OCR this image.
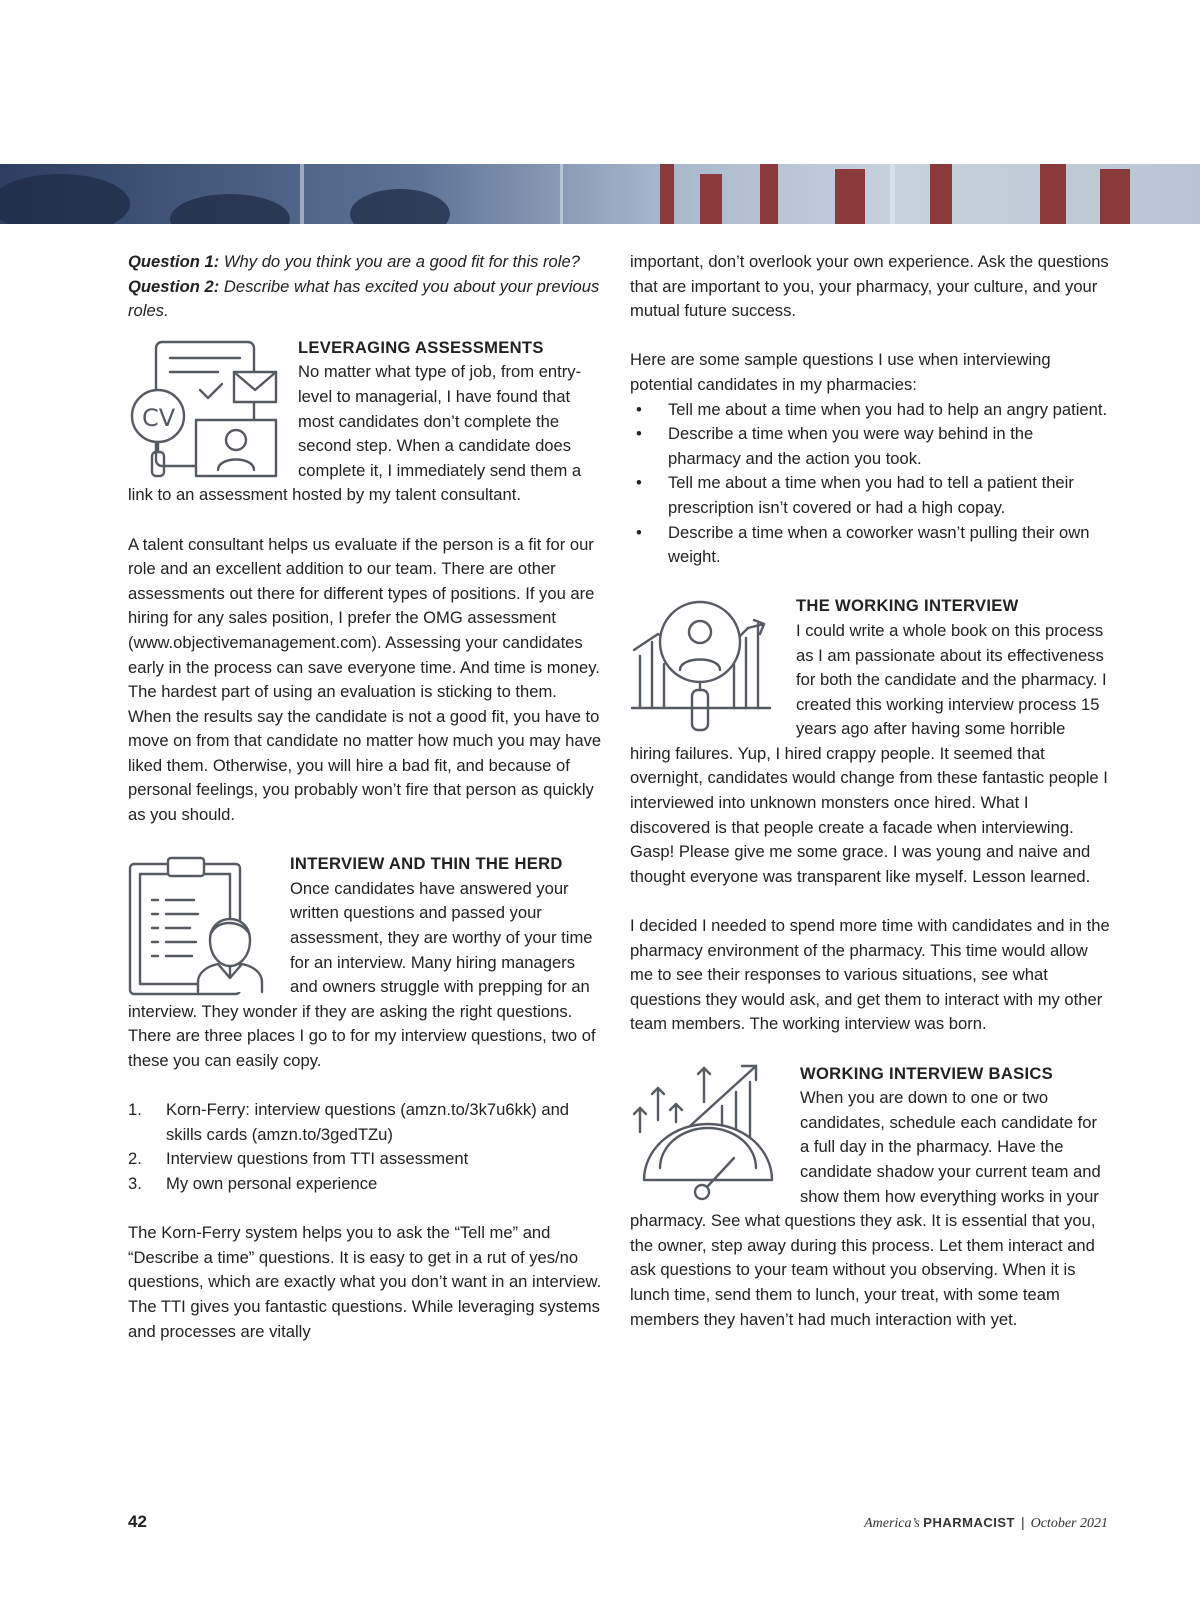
Question 1: Why do you think you are a good fit for this role?

Question 2: Describe what has excited you about your previous roles.

CV

LEVERAGING ASSESSMENTS

No matter what type of job, from entry-level to managerial, I have found that most candidates don’t complete the second step. When a candidate does complete it, I immediately send them a link to an assessment hosted by my talent consultant.

A talent consultant helps us evaluate if the person is a fit for our role and an excellent addition to our team. There are other assessments out there for different types of positions. If you are hiring for any sales position, I prefer the OMG assessment (www.objectivemanagement.com). Assessing your candidates early in the process can save everyone time. And time is money. The hardest part of using an evaluation is sticking to them. When the results say the candidate is not a good fit, you have to move on from that candidate no matter how much you may have liked them. Otherwise, you will hire a bad fit, and because of personal feelings, you probably won’t fire that person as quickly as you should.

INTERVIEW AND THIN THE HERD

Once candidates have answered your written questions and passed your assessment, they are worthy of your time for an interview. Many hiring managers and owners struggle with prepping for an interview. They wonder if they are asking the right questions. There are three places I go to for my interview questions, two of these you can easily copy.

1. Korn-Ferry: interview questions (amzn.to/3k7u6kk) and skills cards (amzn.to/3gedTZu)
2. Interview questions from TTI assessment
3. My own personal experience

The Korn-Ferry system helps you to ask the “Tell me” and “Describe a time” questions. It is easy to get in a rut of yes/no questions, which are exactly what you don’t want in an interview. The TTI gives you fantastic questions. While leveraging systems and processes are vitally

important, don’t overlook your own experience. Ask the questions that are important to you, your pharmacy, your culture, and your mutual future success.

Here are some sample questions I use when interviewing potential candidates in my pharmacies:

• Tell me about a time when you had to help an angry patient.
• Describe a time when you were way behind in the pharmacy and the action you took.
• Tell me about a time when you had to tell a patient their prescription isn’t covered or had a high copay.
• Describe a time when a coworker wasn’t pulling their own weight.

THE WORKING INTERVIEW

I could write a whole book on this process as I am passionate about its effectiveness for both the candidate and the pharmacy. I created this working interview process 15 years ago after having some horrible hiring failures. Yup, I hired crappy people. It seemed that overnight, candidates would change from these fantastic people I interviewed into unknown monsters once hired. What I discovered is that people create a facade when interviewing. Gasp! Please give me some grace. I was young and naive and thought everyone was transparent like myself. Lesson learned.

I decided I needed to spend more time with candidates and in the pharmacy environment of the pharmacy. This time would allow me to see their responses to various situations, see what questions they would ask, and get them to interact with my other team members. The working interview was born.

WORKING INTERVIEW BASICS

When you are down to one or two candidates, schedule each candidate for a full day in the pharmacy. Have the candidate shadow your current team and show them how everything works in your pharmacy. See what questions they ask. It is essential that you, the owner, step away during this process. Let them interact and ask questions to your team without you observing. When it is lunch time, send them to lunch, your treat, with some team members they haven’t had much interaction with yet.

42	America’s PHARMACIST | October 2021
